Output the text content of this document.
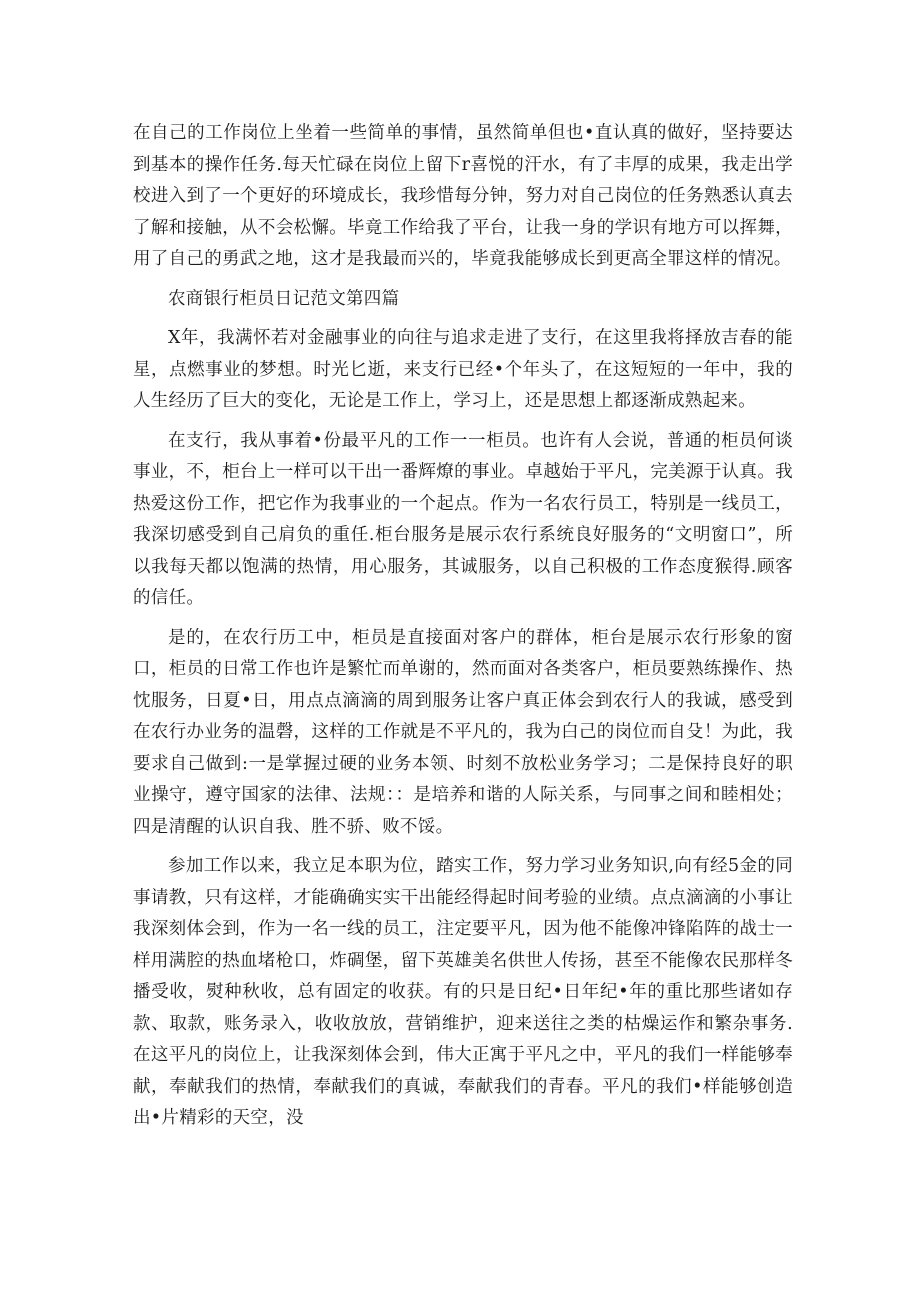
在自己的工作岗位上坐着一些简单的事情，虽然简单但也•直认真的做好，坚持要达到基本的操作任务.每天忙碌在岗位上留下r喜悦的汗水，有了丰厚的成果，我走出学校进入到了一个更好的环境成长，我珍惜每分钟，努力对自己岗位的任务熟悉认真去了解和接触，从不会松懈。毕竟工作给我了平台，让我一身的学识有地方可以挥舞，用了自己的勇武之地，这才是我最而兴的，毕竟我能够成长到更高全罪这样的情况。

农商银行柜员日记范文第四篇

X年，我满怀若对金融事业的向往与追求走进了支行，在这里我将择放吉春的能星，点燃事业的梦想。时光匕逝，来支行已经•个年头了，在这短短的一年中，我的人生经历了巨大的变化，无论是工作上，学习上，还是思想上都逐渐成熟起来。

在支行，我从事着•份最平凡的工作一一柜员。也许有人会说，普通的柜员何谈事业，不，柜台上一样可以干出一番辉燎的事业。卓越始于平凡，完美源于认真。我热爱这份工作，把它作为我事业的一个起点。作为一名农行员工，特别是一线员工，我深切感受到自己肩负的重任.柜台服务是展示农行系统良好服务的“文明窗口”，所以我每天都以饱满的热情，用心服务，其诚服务，以自己积极的工作态度猴得.顾客的信任。

是的，在农行历工中，柜员是直接面对客户的群体，柜台是展示农行形象的窗口，柜员的日常工作也许是繁忙而单谢的，然而面对各类客户，柜员要熟练操作、热忱服务，日夏•日，用点点滴滴的周到服务让客户真正体会到农行人的我诚，感受到在农行办业务的温磬，这样的工作就是不平凡的，我为白己的岗位而自殳！为此，我要求自己做到:一是掌握过硬的业务本领、时刻不放松业务学习；二是保持良好的职业操守，遵守国家的法律、法规：：是培养和谐的人际关系，与同事之间和睦相处；四是清醒的认识自我、胜不骄、败不馁。

参加工作以来，我立足本职为位，踏实工作，努力学习业务知识,向有经5金的同事请教，只有这样，才能确确实实干出能经得起时间考验的业绩。点点滴滴的小事让我深刻体会到，作为一名一线的员工，注定要平凡，因为他不能像冲锋陷阵的战士一样用满腔的热血堵枪口，炸碉堡，留下英雄美名供世人传扬，甚至不能像农民那样冬播受收，熨种秋收，总有固定的收获。有的只是日纪•日年纪•年的重比那些诸如存款、取款，账务录入，收收放放，营销维护，迎来送往之类的枯燥运作和繁杂事务.在这平凡的岗位上，让我深刻体会到，伟大正寓于平凡之中，平凡的我们一样能够奉献，奉献我们的热情，奉献我们的真诚，奉献我们的青春。平凡的我们•样能够创造出•片精彩的天空，没
